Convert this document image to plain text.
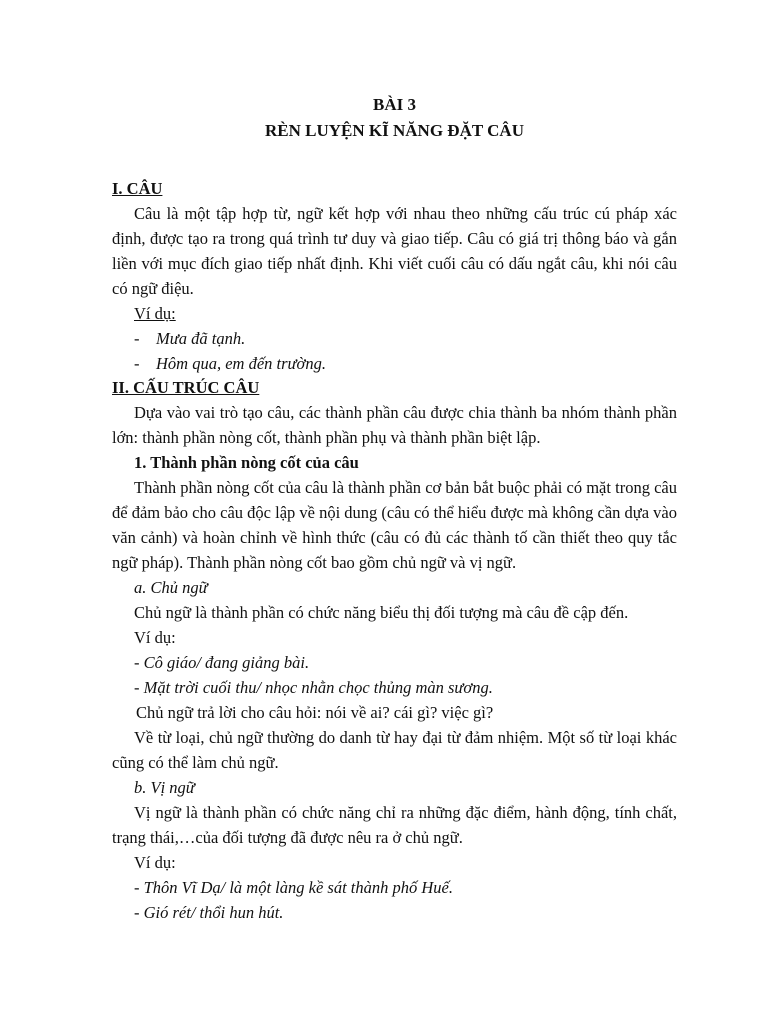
BÀI 3

RÈN LUYỆN KĨ NĂNG ĐẶT CÂU

I. CÂU

Câu là một tập hợp từ, ngữ kết hợp với nhau theo những cấu trúc cú pháp xác định, được tạo ra trong quá trình tư duy và giao tiếp. Câu có giá trị thông báo và gắn liền với mục đích giao tiếp nhất định. Khi viết cuối câu có dấu ngắt câu, khi nói câu có ngữ điệu.

Ví dụ:

-	Mưa đã tạnh.

-	Hôm qua, em đến trường.

II. CẤU TRÚC CÂU

Dựa vào vai trò tạo câu, các thành phần câu được chia thành ba nhóm thành phần lớn: thành phần nòng cốt, thành phần phụ và thành phần biệt lập.

1. Thành phần nòng cốt của câu

Thành phần nòng cốt của câu là thành phần cơ bản bắt buộc phải có mặt trong câu để đảm bảo cho câu độc lập về nội dung (câu có thể hiểu được mà không cần dựa vào văn cảnh) và hoàn chỉnh về hình thức (câu có đủ các thành tố cần thiết theo quy tắc ngữ pháp). Thành phần nòng cốt bao gồm chủ ngữ và vị ngữ.

a. Chủ ngữ

Chủ ngữ là thành phần có chức năng biểu thị đối tượng mà câu đề cập đến.

Ví dụ:

- Cô giáo/ đang giảng bài.

- Mặt trời cuối thu/ nhọc nhằn chọc thủng màn sương.

Chủ ngữ trả lời cho câu hỏi: nói về ai? cái gì? việc gì?

Về từ loại, chủ ngữ thường do danh từ hay đại từ đảm nhiệm. Một số từ loại khác cũng có thể làm chủ ngữ.

b. Vị ngữ

Vị ngữ là thành phần có chức năng chỉ ra những đặc điểm, hành động, tính chất, trạng thái,…của đối tượng đã được nêu ra ở chủ ngữ.

Ví dụ:

- Thôn Vĩ Dạ/ là một làng kề sát thành phố Huế.

- Gió rét/ thổi hun hút.
